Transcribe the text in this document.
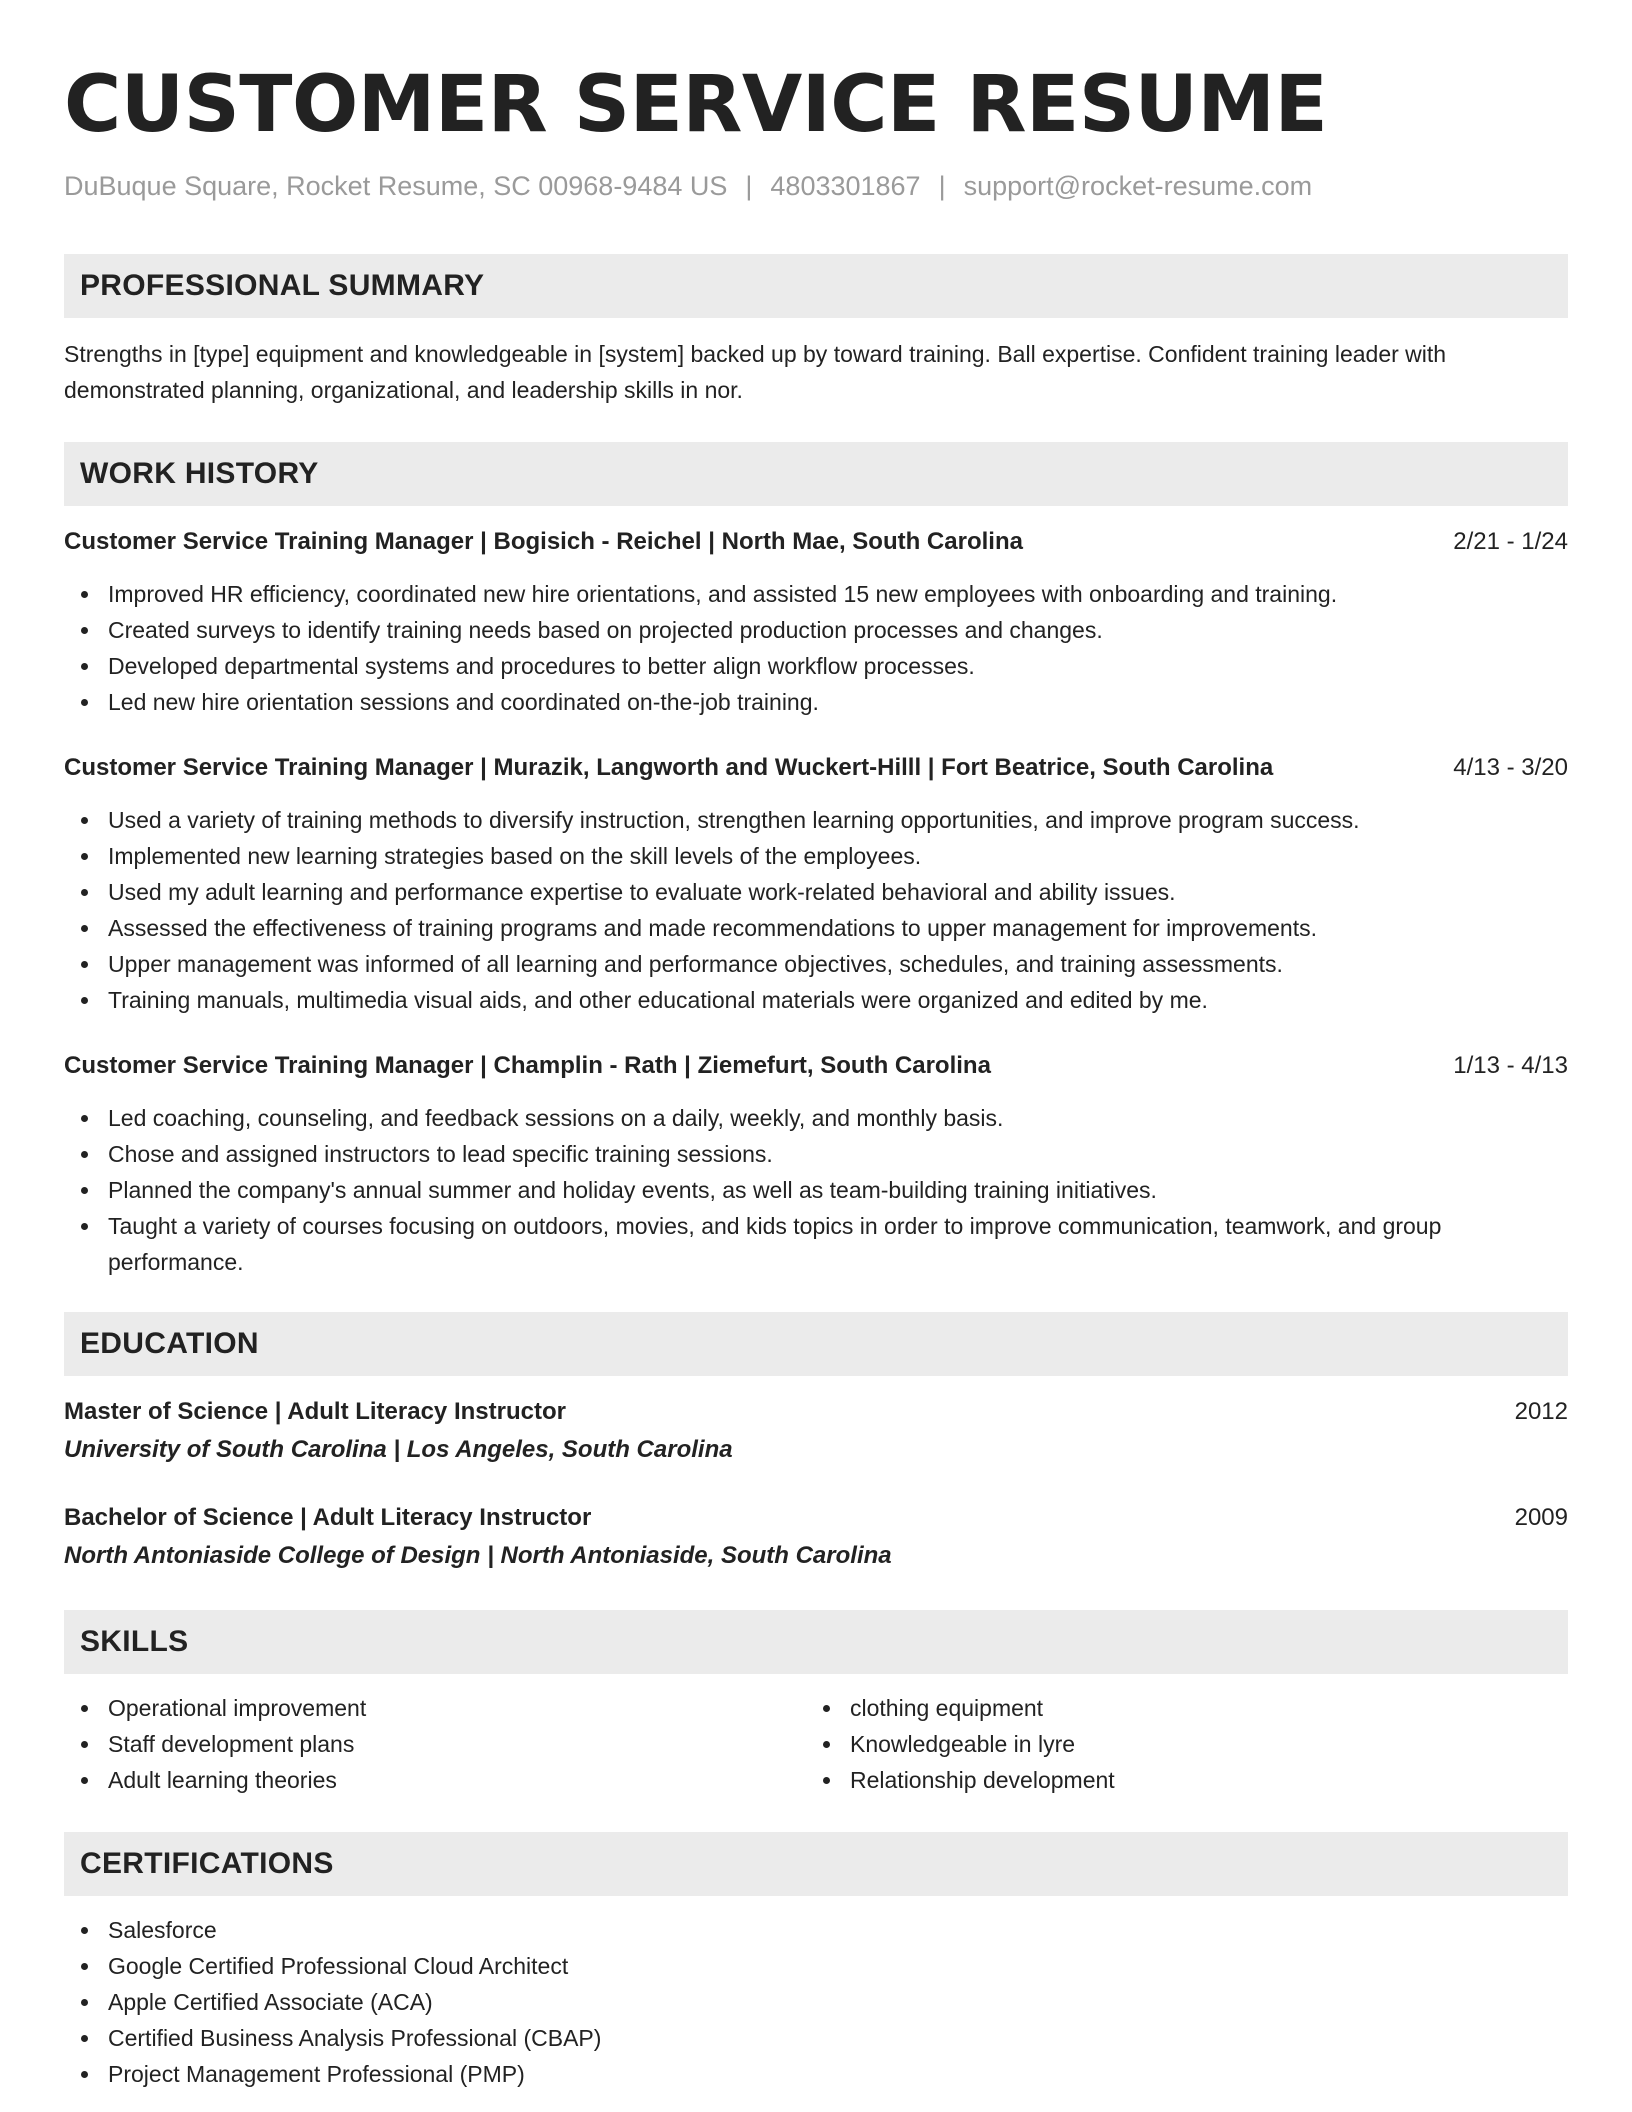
CUSTOMER SERVICE RESUME
DuBuque Square, Rocket Resume, SC 00968-9484 US | 4803301867 | support@rocket-resume.com
PROFESSIONAL SUMMARY

Strengths in [type] equipment and knowledgeable in [system] backed up by toward training. Ball expertise. Confident training leader with demonstrated planning, organizational, and leadership skills in nor.

WORK HISTORY
Customer Service Training Manager | Bogisich - Reichel | North Mae, South Carolina	2/21 - 1/24
Improved HR efficiency, coordinated new hire orientations, and assisted 15 new employees with onboarding and training.
Created surveys to identify training needs based on projected production processes and changes.
Developed departmental systems and procedures to better align workflow processes.
Led new hire orientation sessions and coordinated on-the-job training.
Customer Service Training Manager | Murazik, Langworth and Wuckert-Hilll | Fort Beatrice, South Carolina	4/13 - 3/20
Used a variety of training methods to diversify instruction, strengthen learning opportunities, and improve program success.
Implemented new learning strategies based on the skill levels of the employees.
Used my adult learning and performance expertise to evaluate work-related behavioral and ability issues.
Assessed the effectiveness of training programs and made recommendations to upper management for improvements.
Upper management was informed of all learning and performance objectives, schedules, and training assessments.
Training manuals, multimedia visual aids, and other educational materials were organized and edited by me.
Customer Service Training Manager | Champlin - Rath | Ziemefurt, South Carolina	1/13 - 4/13
Led coaching, counseling, and feedback sessions on a daily, weekly, and monthly basis.
Chose and assigned instructors to lead specific training sessions.
Planned the company's annual summer and holiday events, as well as team-building training initiatives.
Taught a variety of courses focusing on outdoors, movies, and kids topics in order to improve communication, teamwork, and group performance.
EDUCATION
Master of Science | Adult Literacy Instructor	2012
University of South Carolina | Los Angeles, South Carolina
Bachelor of Science | Adult Literacy Instructor	2009
North Antoniaside College of Design | North Antoniaside, South Carolina
SKILLS
Operational improvement
Staff development plans
Adult learning theories
clothing equipment
Knowledgeable in lyre
Relationship development
CERTIFICATIONS
Salesforce
Google Certified Professional Cloud Architect
Apple Certified Associate (ACA)
Certified Business Analysis Professional (CBAP)
Project Management Professional (PMP)
